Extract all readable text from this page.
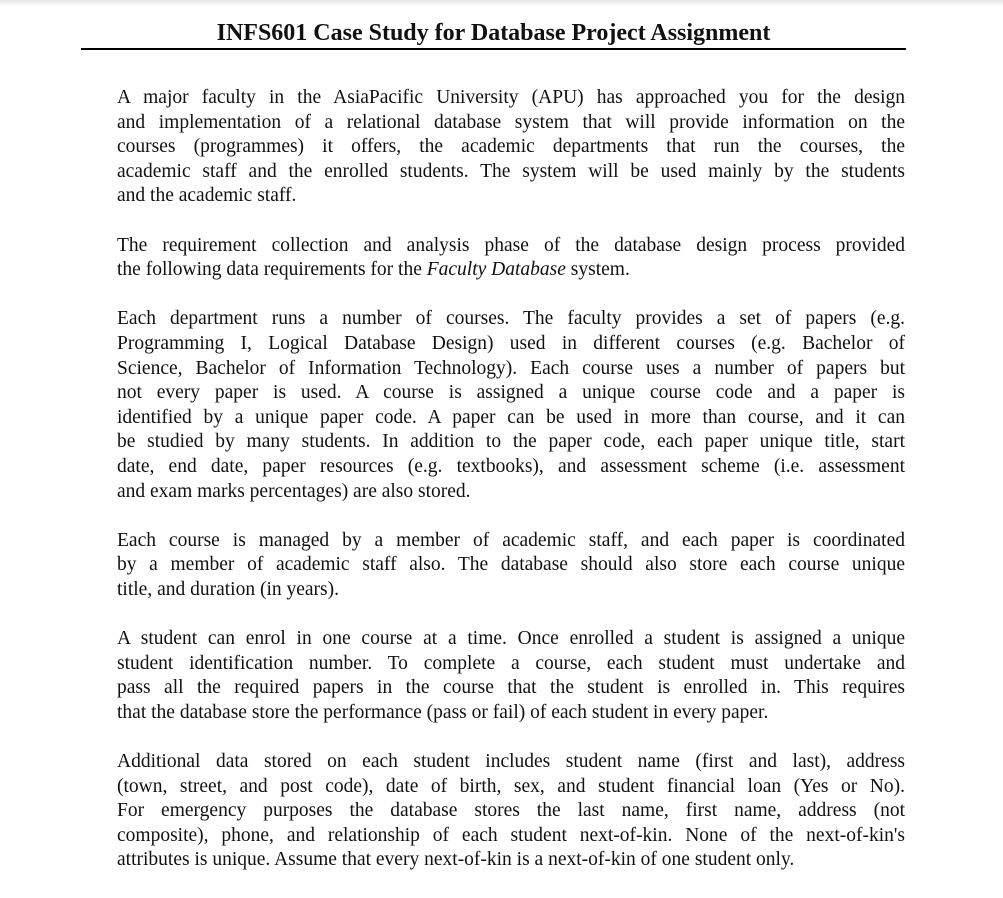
INFS601 Case Study for Database Project Assignment
A major faculty in the AsiaPacific University (APU) has approached you for the design
and implementation of a relational database system that will provide information on the
courses (programmes) it offers, the academic departments that run the courses, the
academic staff and the enrolled students. The system will be used mainly by the students
and the academic staff.
The requirement collection and analysis phase of the database design process provided
the following data requirements for the Faculty Database system.
Each department runs a number of courses. The faculty provides a set of papers (e.g.
Programming I, Logical Database Design) used in different courses (e.g. Bachelor of
Science, Bachelor of Information Technology). Each course uses a number of papers but
not every paper is used. A course is assigned a unique course code and a paper is
identified by a unique paper code. A paper can be used in more than course, and it can
be studied by many students. In addition to the paper code, each paper unique title, start
date, end date, paper resources (e.g. textbooks), and assessment scheme (i.e. assessment
and exam marks percentages) are also stored.
Each course is managed by a member of academic staff, and each paper is coordinated
by a member of academic staff also. The database should also store each course unique
title, and duration (in years).
A student can enrol in one course at a time. Once enrolled a student is assigned a unique
student identification number. To complete a course, each student must undertake and
pass all the required papers in the course that the student is enrolled in. This requires
that the database store the performance (pass or fail) of each student in every paper.
Additional data stored on each student includes student name (first and last), address
(town, street, and post code), date of birth, sex, and student financial loan (Yes or No).
For emergency purposes the database stores the last name, first name, address (not
composite), phone, and relationship of each student next-of-kin. None of the next-of-kin's
attributes is unique. Assume that every next-of-kin is a next-of-kin of one student only.
